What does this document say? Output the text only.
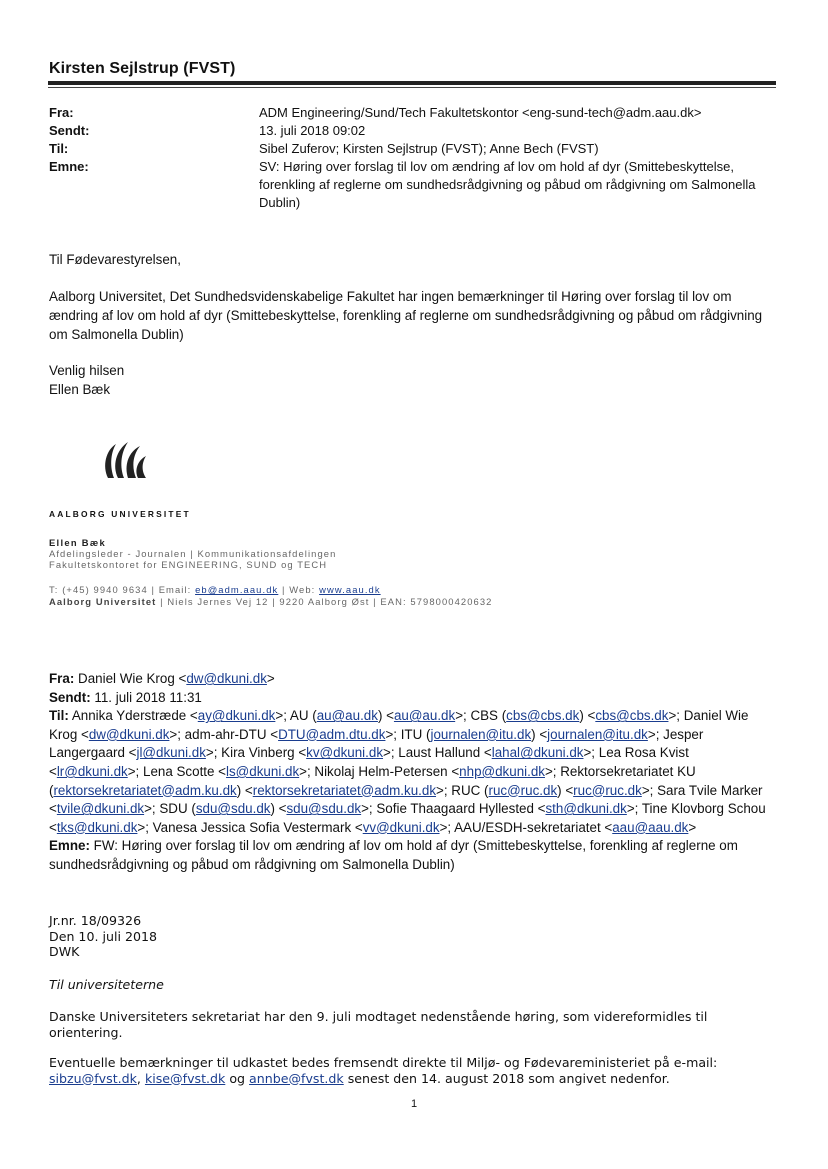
Kirsten Sejlstrup (FVST)
Fra:	ADM Engineering/Sund/Tech Fakultetskontor <eng-sund-tech@adm.aau.dk>
Sendt:	13. juli 2018 09:02
Til:	Sibel Zuferov; Kirsten Sejlstrup (FVST); Anne Bech (FVST)
Emne:	SV: Høring over forslag til lov om ændring af lov om hold af dyr (Smittebeskyttelse, forenkling af reglerne om sundhedsrådgivning og påbud om rådgivning om Salmonella Dublin)
Til Fødevarestyrelsen,
Aalborg Universitet, Det Sundhedsvidenskabelige Fakultet har ingen bemærkninger til Høring over forslag til lov om ændring af lov om hold af dyr (Smittebeskyttelse, forenkling af reglerne om sundhedsrådgivning og påbud om rådgivning om Salmonella Dublin)
Venlig hilsen
Ellen Bæk
AALBORG UNIVERSITET
Ellen Bæk
Afdelingsleder - Journalen | Kommunikationsafdelingen
Fakultetskontoret for ENGINEERING, SUND og TECH
T: (+45) 9940 9634 | Email: eb@adm.aau.dk | Web: www.aau.dk
Aalborg Universitet | Niels Jernes Vej 12 | 9220 Aalborg Øst | EAN: 5798000420632
Fra: Daniel Wie Krog <dw@dkuni.dk>
Sendt: 11. juli 2018 11:31
Til: Annika Yderstræde <ay@dkuni.dk>; AU (au@au.dk) <au@au.dk>; CBS (cbs@cbs.dk) <cbs@cbs.dk>; Daniel Wie Krog <dw@dkuni.dk>; adm-ahr-DTU <DTU@adm.dtu.dk>; ITU (journalen@itu.dk) <journalen@itu.dk>; Jesper Langergaard <jl@dkuni.dk>; Kira Vinberg <kv@dkuni.dk>; Laust Hallund <lahal@dkuni.dk>; Lea Rosa Kvist <lr@dkuni.dk>; Lena Scotte <ls@dkuni.dk>; Nikolaj Helm-Petersen <nhp@dkuni.dk>; Rektorsekretariatet KU (rektorsekretariatet@adm.ku.dk) <rektorsekretariatet@adm.ku.dk>; RUC (ruc@ruc.dk) <ruc@ruc.dk>; Sara Tvile Marker <tvile@dkuni.dk>; SDU (sdu@sdu.dk) <sdu@sdu.dk>; Sofie Thaagaard Hyllested <sth@dkuni.dk>; Tine Klovborg Schou <tks@dkuni.dk>; Vanesa Jessica Sofia Vestermark <vv@dkuni.dk>; AAU/ESDH-sekretariatet <aau@aau.dk>
Emne: FW: Høring over forslag til lov om ændring af lov om hold af dyr (Smittebeskyttelse, forenkling af reglerne om sundhedsrådgivning og påbud om rådgivning om Salmonella Dublin)
Jr.nr. 18/09326
Den 10. juli 2018
DWK
Til universiteterne
Danske Universiteters sekretariat har den 9. juli modtaget nedenstående høring, som videreformidles til orientering.
Eventuelle bemærkninger til udkastet bedes fremsendt direkte til Miljø- og Fødevareministeriet på e-mail:
sibzu@fvst.dk, kise@fvst.dk og annbe@fvst.dk senest den 14. august 2018 som angivet nedenfor.
1
